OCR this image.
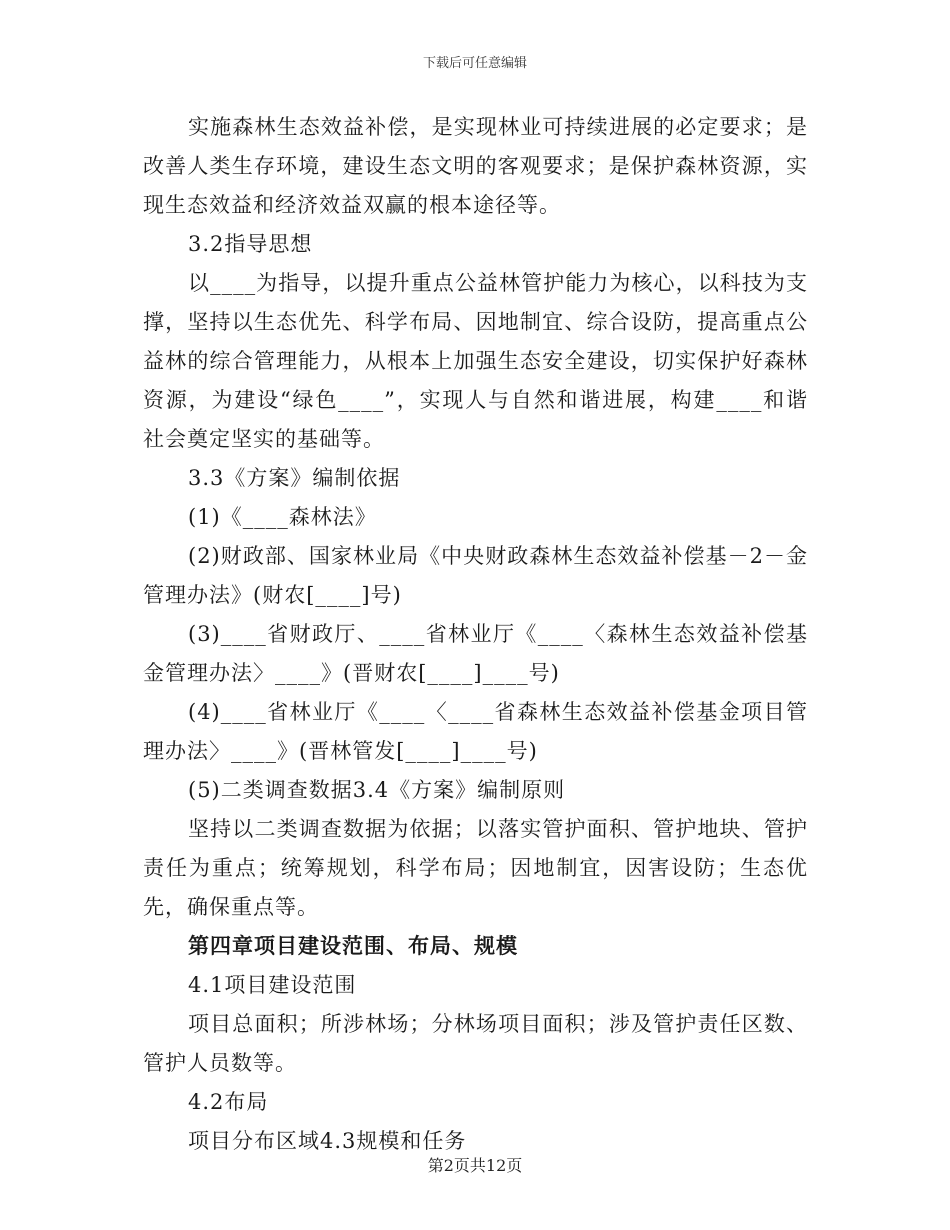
下载后可任意编辑

实施森林生态效益补偿，是实现林业可持续进展的必定要求；是改善人类生存环境，建设生态文明的客观要求；是保护森林资源，实现生态效益和经济效益双赢的根本途径等。

3.2指导思想

以____为指导，以提升重点公益林管护能力为核心，以科技为支撑，坚持以生态优先、科学布局、因地制宜、综合设防，提高重点公益林的综合管理能力，从根本上加强生态安全建设，切实保护好森林资源，为建设“绿色____”，实现人与自然和谐进展，构建____和谐社会奠定坚实的基础等。

3.3《方案》编制依据

(1)《____森林法》

(2)财政部、国家林业局《中央财政森林生态效益补偿基－2－金管理办法》(财农[____]号)

(3)____省财政厅、____省林业厅《____〈森林生态效益补偿基金管理办法〉____》(晋财农[____]____号)

(4)____省林业厅《____〈____省森林生态效益补偿基金项目管理办法〉____》(晋林管发[____]____号)

(5)二类调查数据3.4《方案》编制原则

坚持以二类调查数据为依据；以落实管护面积、管护地块、管护责任为重点；统筹规划，科学布局；因地制宜，因害设防；生态优先，确保重点等。

第四章项目建设范围、布局、规模

4.1项目建设范围

项目总面积；所涉林场；分林场项目面积；涉及管护责任区数、管护人员数等。

4.2布局

项目分布区域4.3规模和任务

第2页共12页
